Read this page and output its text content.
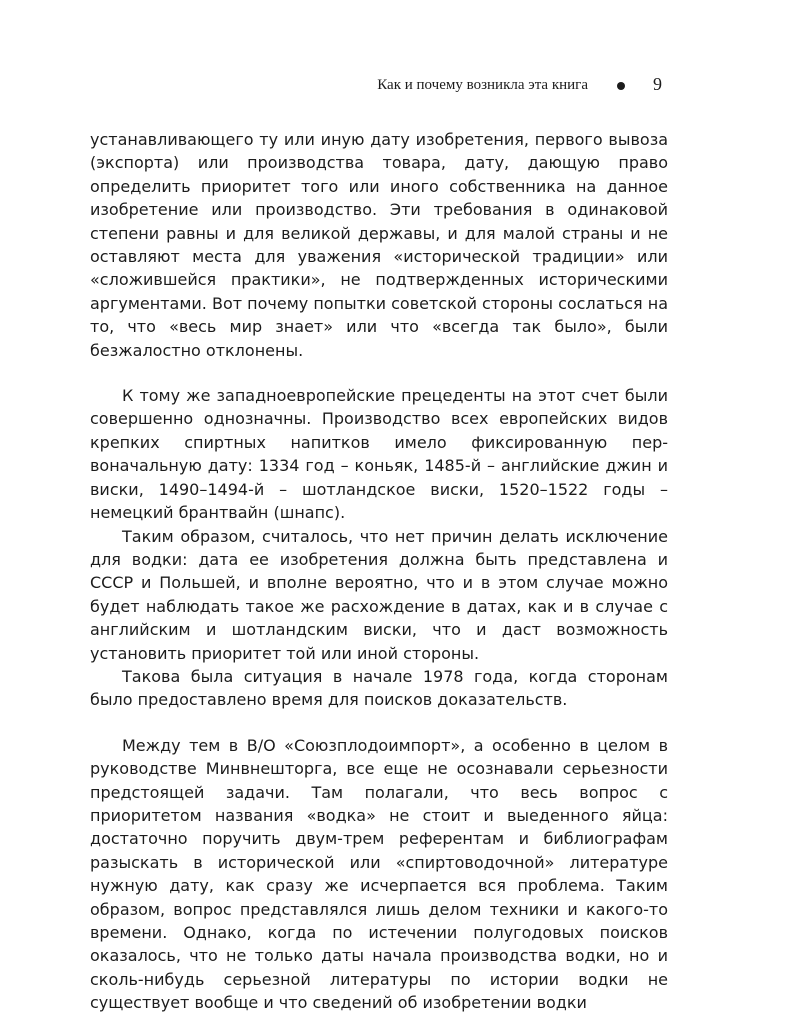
Как и почему возникла эта книга	9

устанавливающего ту или иную дату изобретения, первого вывоза (экспорта) или производства товара, дату, дающую право определить приоритет того или иного собственника на данное изобретение или производство. Эти требования в одинаковой степени равны и для великой державы, и для малой страны и не оставляют места для уважения «исторической традиции» или «сложившейся практики», не подтвержденных историческими аргументами. Вот почему попытки советской стороны сослаться на то, что «весь мир знает» или что «всегда так было», были безжалостно отклонены.

К тому же западноевропейские прецеденты на этот счет были совершенно однозначны. Производство всех европейских видов крепких спиртных напитков имело фиксированную первоначальную дату: 1334 год – коньяк, 1485-й – английские джин и виски, 1490–1494-й – шотландское виски, 1520–1522 годы – немецкий брантвайн (шнапс).

Таким образом, считалось, что нет причин делать исключение для водки: дата ее изобретения должна быть представлена и СССР и Польшей, и вполне вероятно, что и в этом случае можно будет наблюдать такое же расхождение в датах, как и в случае с английским и шотландским виски, что и даст возможность установить приоритет той или иной стороны.

Такова была ситуация в начале 1978 года, когда сторонам было предоставлено время для поисков доказательств.

Между тем в В/О «Союзплодоимпорт», а особенно в целом в руководстве Минвнешторга, все еще не осознавали серьезности предстоящей задачи. Там полагали, что весь вопрос с приоритетом названия «водка» не стоит и выеденного яйца: достаточно поручить двум-трем референтам и библиографам разыскать в исторической или «спиртоводочной» литературе нужную дату, как сразу же исчерпается вся проблема. Таким образом, вопрос представлялся лишь делом техники и какого-то времени. Однако, когда по истечении полугодовых поисков оказалось, что не только даты начала производства водки, но и сколь-нибудь серьезной литературы по истории водки не существует вообще и что сведений об изобретении водки
